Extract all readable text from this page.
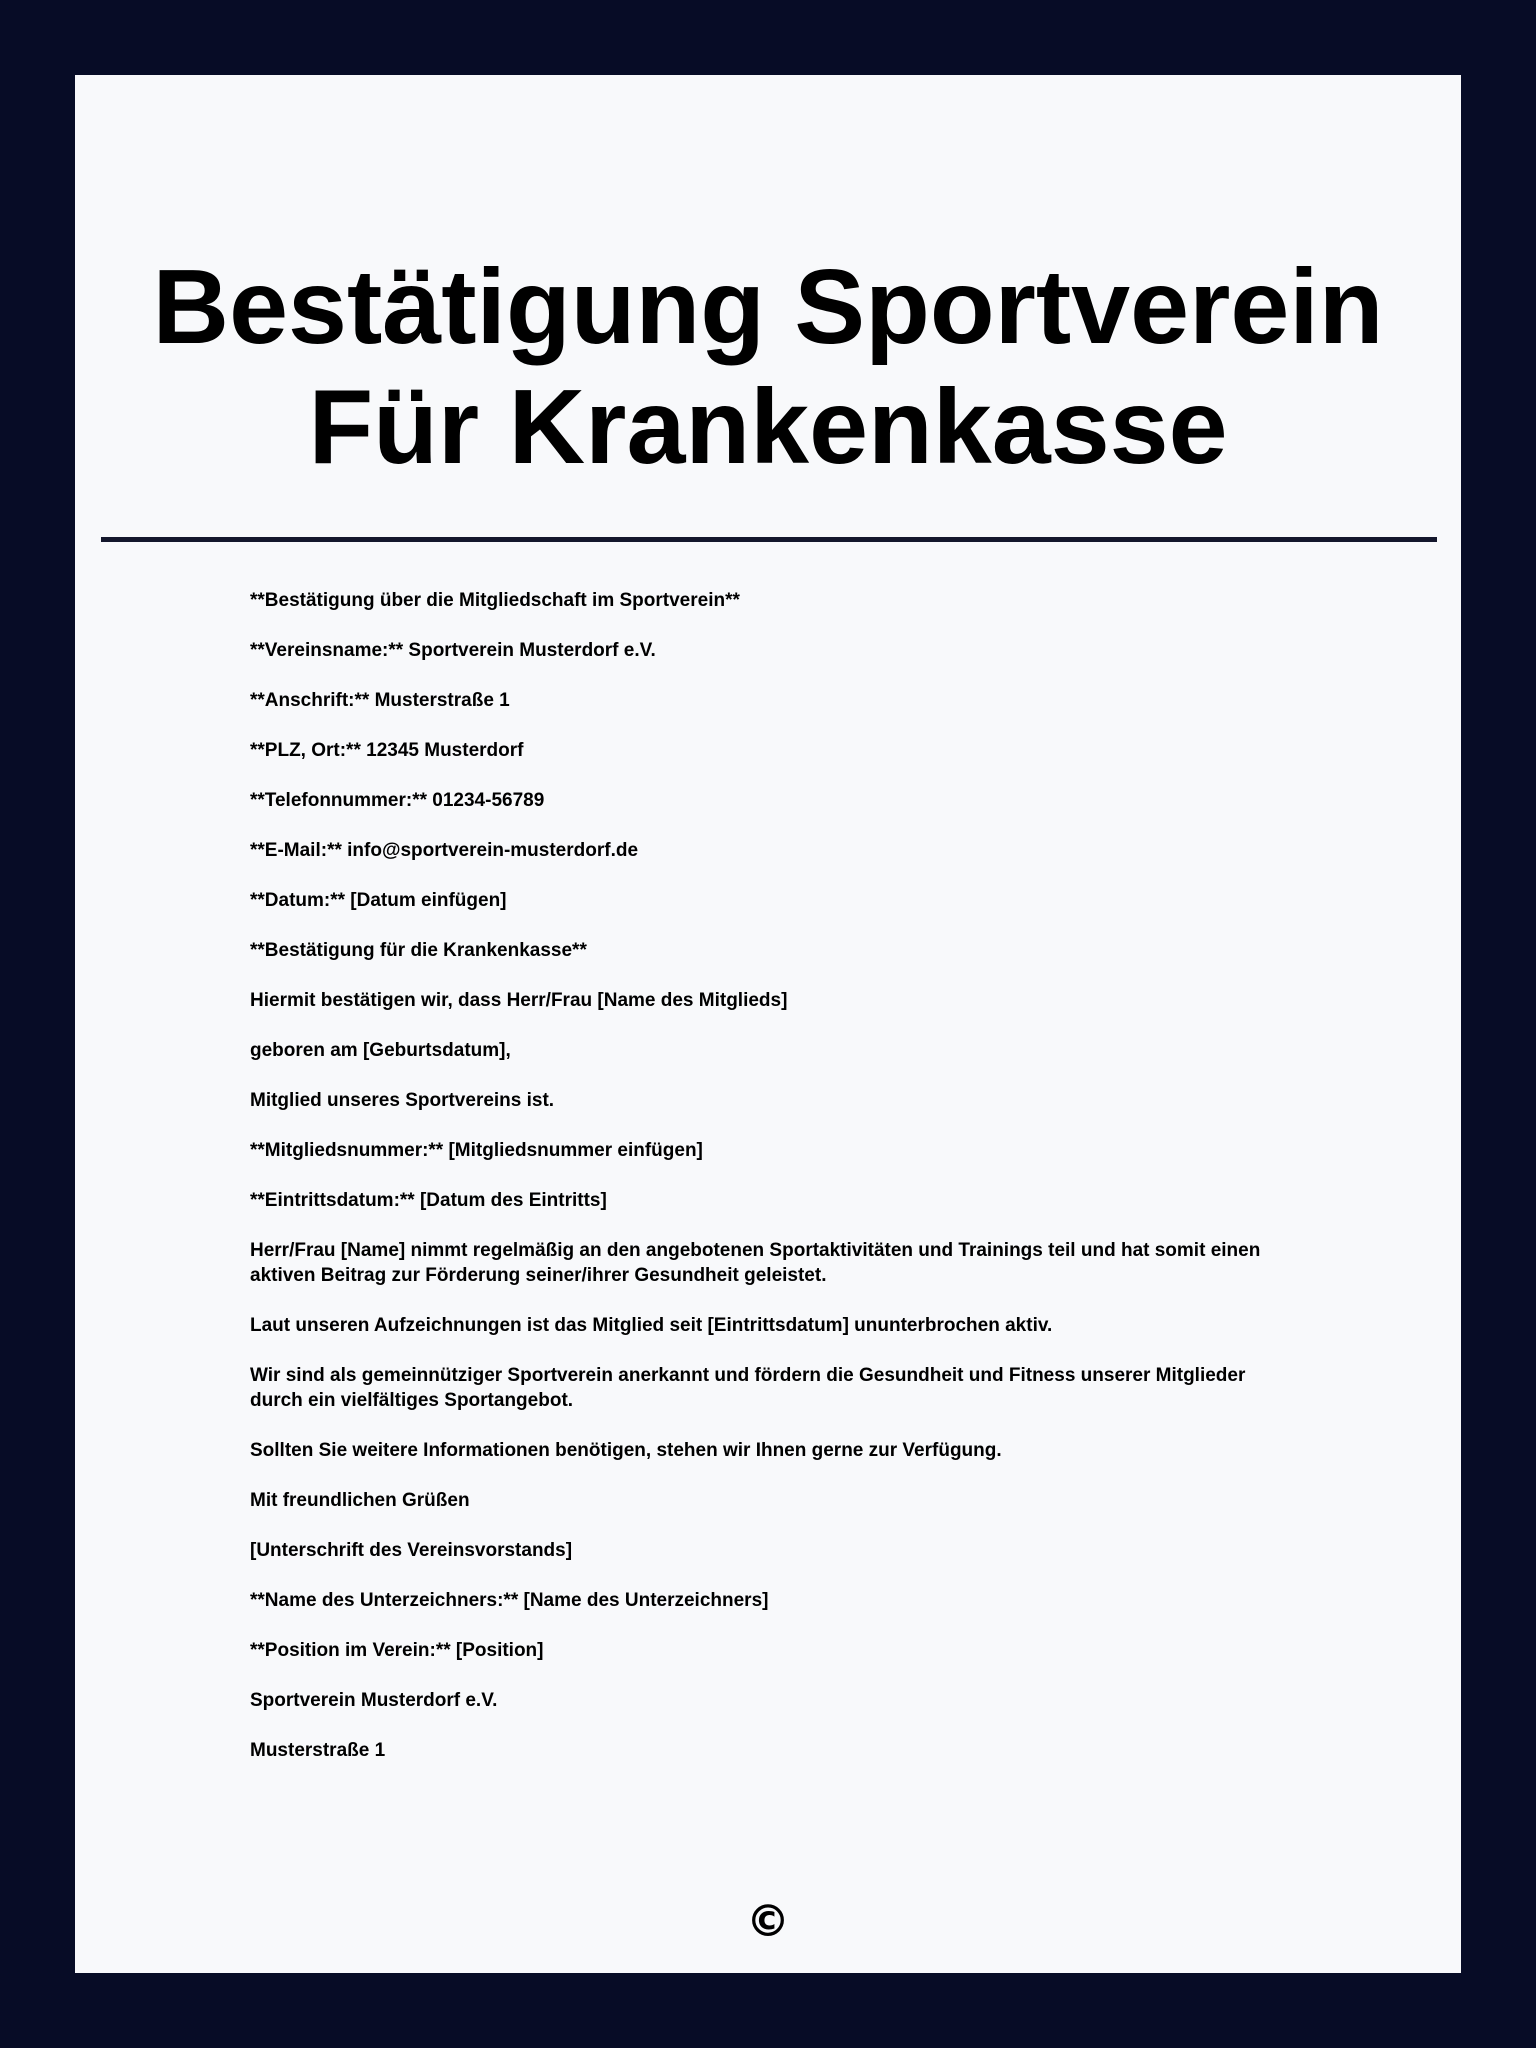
Bestätigung Sportverein Für Krankenkasse

**Bestätigung über die Mitgliedschaft im Sportverein**

**Vereinsname:** Sportverein Musterdorf e.V.

**Anschrift:** Musterstraße 1

**PLZ, Ort:** 12345 Musterdorf

**Telefonnummer:** 01234-56789

**E-Mail:** info@sportverein-musterdorf.de

**Datum:** [Datum einfügen]

**Bestätigung für die Krankenkasse**

Hiermit bestätigen wir, dass Herr/Frau [Name des Mitglieds]

geboren am [Geburtsdatum],

Mitglied unseres Sportvereins ist.

**Mitgliedsnummer:** [Mitgliedsnummer einfügen]

**Eintrittsdatum:** [Datum des Eintritts]

Herr/Frau [Name] nimmt regelmäßig an den angebotenen Sportaktivitäten und Trainings teil und hat somit einen aktiven Beitrag zur Förderung seiner/ihrer Gesundheit geleistet.

Laut unseren Aufzeichnungen ist das Mitglied seit [Eintrittsdatum] ununterbrochen aktiv.

Wir sind als gemeinnütziger Sportverein anerkannt und fördern die Gesundheit und Fitness unserer Mitglieder durch ein vielfältiges Sportangebot.

Sollten Sie weitere Informationen benötigen, stehen wir Ihnen gerne zur Verfügung.

Mit freundlichen Grüßen

[Unterschrift des Vereinsvorstands]

**Name des Unterzeichners:** [Name des Unterzeichners]

**Position im Verein:** [Position]

Sportverein Musterdorf e.V.

Musterstraße 1

©
